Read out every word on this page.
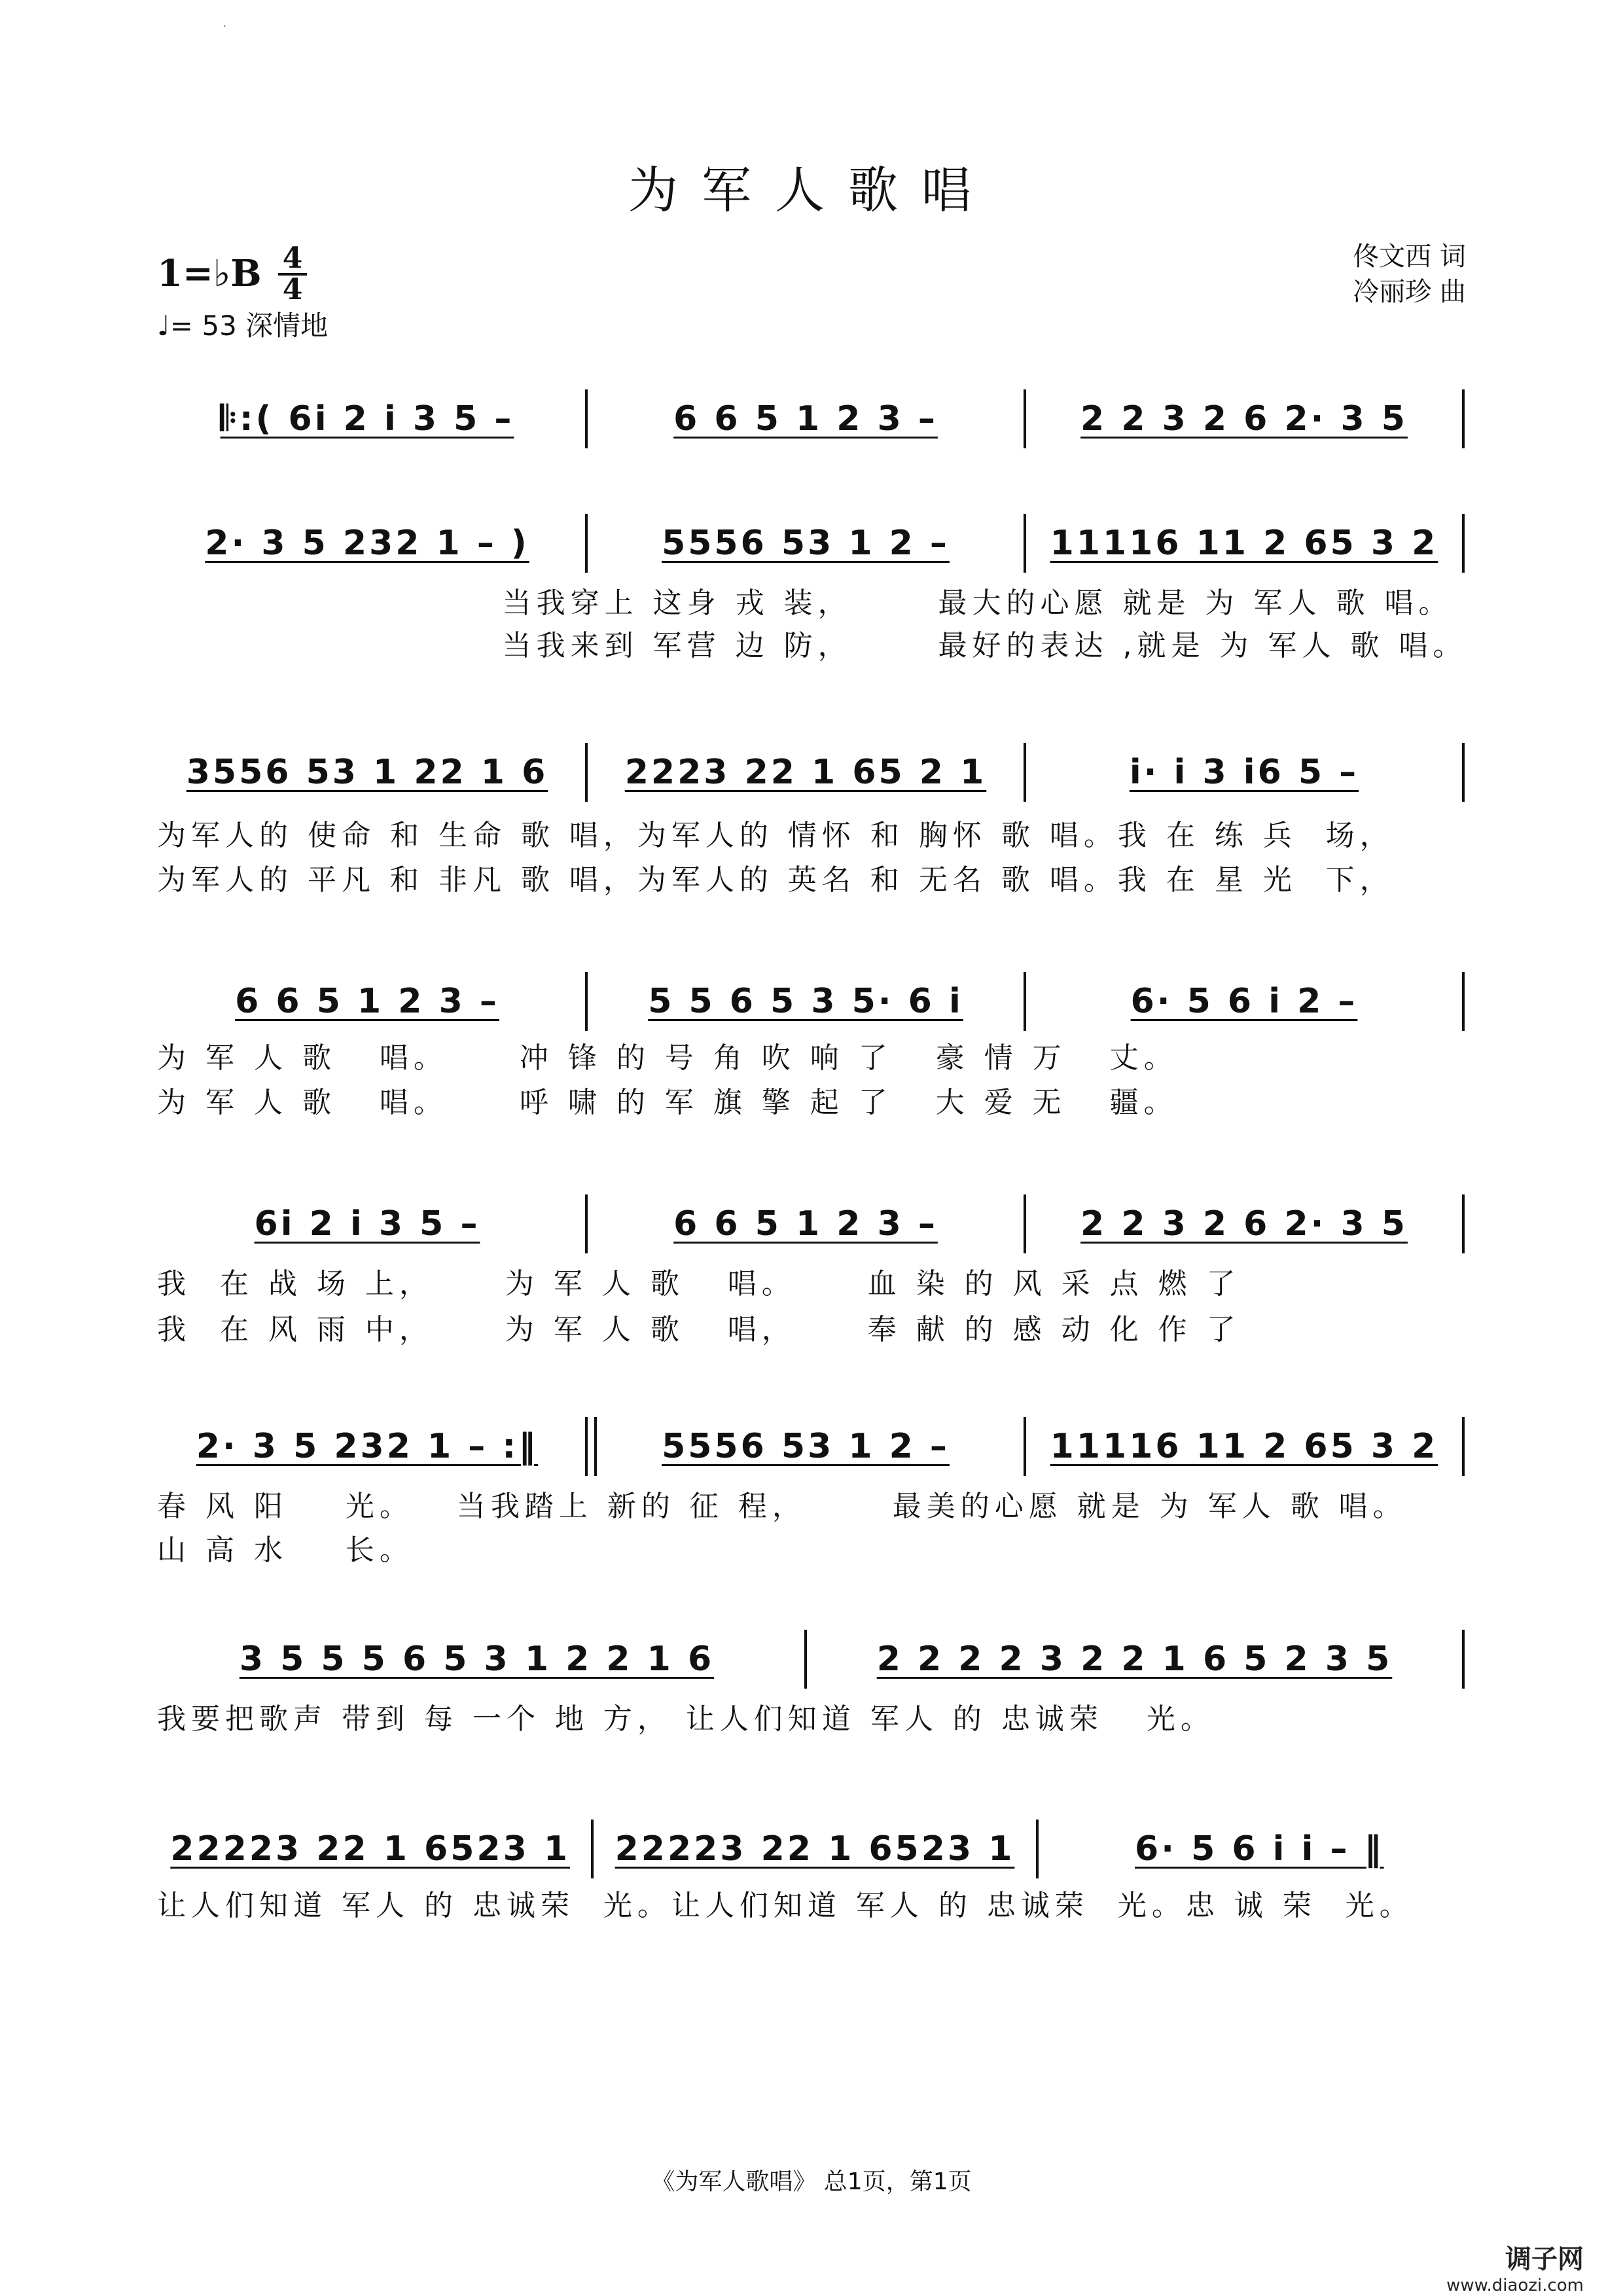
·
为军人歌唱
佟文西 词
冷丽珍 曲
1=♭B 4
4
♩= 53 深情地
𝄆:( 6i 2 i 3 5 –	6 6 5 1 2 3 –	2 2 3 2 6 2· 3 5
2· 3 5 232 1 – )	5556 53 1 2 –	11116 11 2 65 3 2
当我穿上 这身 戎 装，      最大的心愿 就是 为 军人 歌 唱。
当我来到 军营 边 防，      最好的表达 ,就是 为 军人 歌 唱。
3556 53 1 22 1 6	2223 22 1 65 2 1	i· i 3 i6 5 –
为军人的 使命 和 生命 歌 唱，为军人的 情怀 和 胸怀 歌 唱。我 在 练 兵  场，
为军人的 平凡 和 非凡 歌 唱，为军人的 英名 和 无名 歌 唱。我 在 星 光  下，
6 6 5 1 2 3 –	5 5 6 5 3 5· 6 i	6· 5 6 i 2 –
为 军 人 歌   唱。     冲 锋 的 号 角 吹 响 了   豪 情 万   丈。
为 军 人 歌   唱。     呼 啸 的 军 旗 擎 起 了   大 爱 无   疆。
6i 2 i 3 5 –	6 6 5 1 2 3 –	2 2 3 2 6 2· 3 5
我  在 战 场 上，     为 军 人 歌   唱。     血 染 的 风 采 点 燃 了
我  在 风 雨 中，     为 军 人 歌   唱，     奉 献 的 感 动 化 作 了
2· 3 5 232 1 – :‖	5556 53 1 2 –	11116 11 2 65 3 2
春 风 阳    光。   当我踏上 新的 征 程，      最美的心愿 就是 为 军人 歌 唱。
山 高 水    长。
3 5 5 5 6 5 3 1 2 2 1 6	2 2 2 2 3 2 2 1 6 5 2 3 5
我要把歌声 带到 每 一个 地 方， 让人们知道 军人 的 忠诚荣   光。
22223 22 1 6523 1	22223 22 1 6523 1	6· 5 6 i i – ‖
让人们知道 军人 的 忠诚荣  光。让人们知道 军人 的 忠诚荣  光。忠 诚 荣  光。
《为军人歌唱》 总1页，第1页
调子网
www.diaozi.com
